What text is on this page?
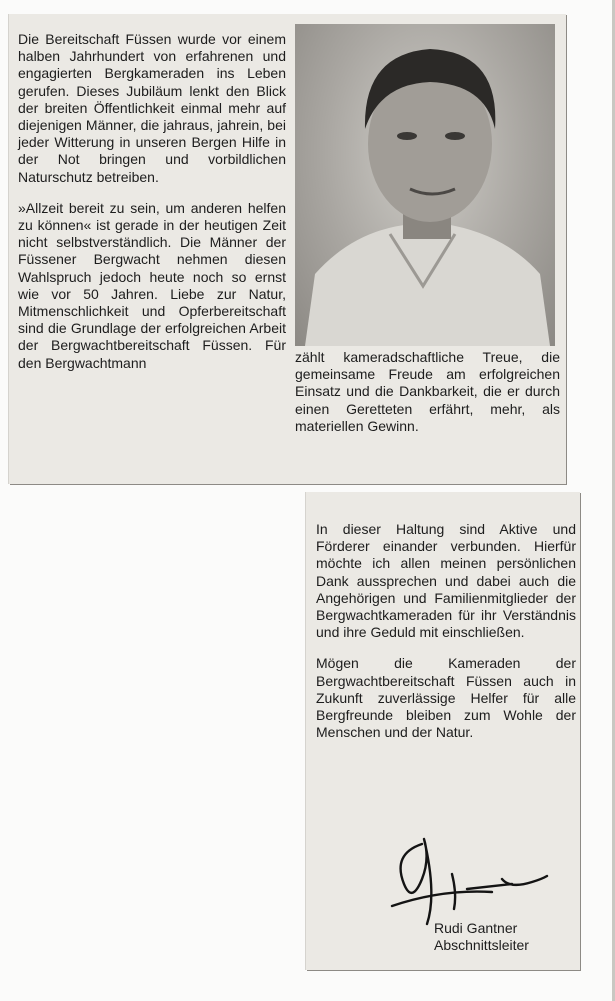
Die Bereitschaft Füssen wurde vor einem halben Jahrhundert von erfahrenen und engagierten Bergkameraden ins Leben gerufen. Dieses Jubiläum lenkt den Blick der breiten Öffentlichkeit einmal mehr auf diejenigen Männer, die jahraus, jahrein, bei jeder Witterung in unseren Bergen Hilfe in der Not bringen und vorbildlichen Naturschutz betreiben.

»Allzeit bereit zu sein, um anderen helfen zu können« ist gerade in der heutigen Zeit nicht selbstverständlich. Die Männer der Füssener Bergwacht nehmen diesen Wahlspruch jedoch heute noch so ernst wie vor 50 Jahren. Liebe zur Natur, Mitmenschlichkeit und Opferbereitschaft sind die Grundlage der erfolgreichen Arbeit der Bergwachtbereitschaft Füssen. Für den Bergwachtmann	zählt kameradschaftliche Treue, die gemeinsame Freude am erfolgreichen Einsatz und die Dankbarkeit, die er durch einen Geretteten erfährt, mehr, als materiellen Gewinn.

In dieser Haltung sind Aktive und Förderer einander verbunden. Hierfür möchte ich allen meinen persönlichen Dank aussprechen und dabei auch die Angehörigen und Familienmitglieder der Bergwachtkameraden für ihr Verständnis und ihre Geduld mit einschließen.

Mögen die Kameraden der Bergwachtbereitschaft Füssen auch in Zukunft zuverlässige Helfer für alle Bergfreunde bleiben zum Wohle der Menschen und der Natur.

Rudi Gantner
Abschnittsleiter
